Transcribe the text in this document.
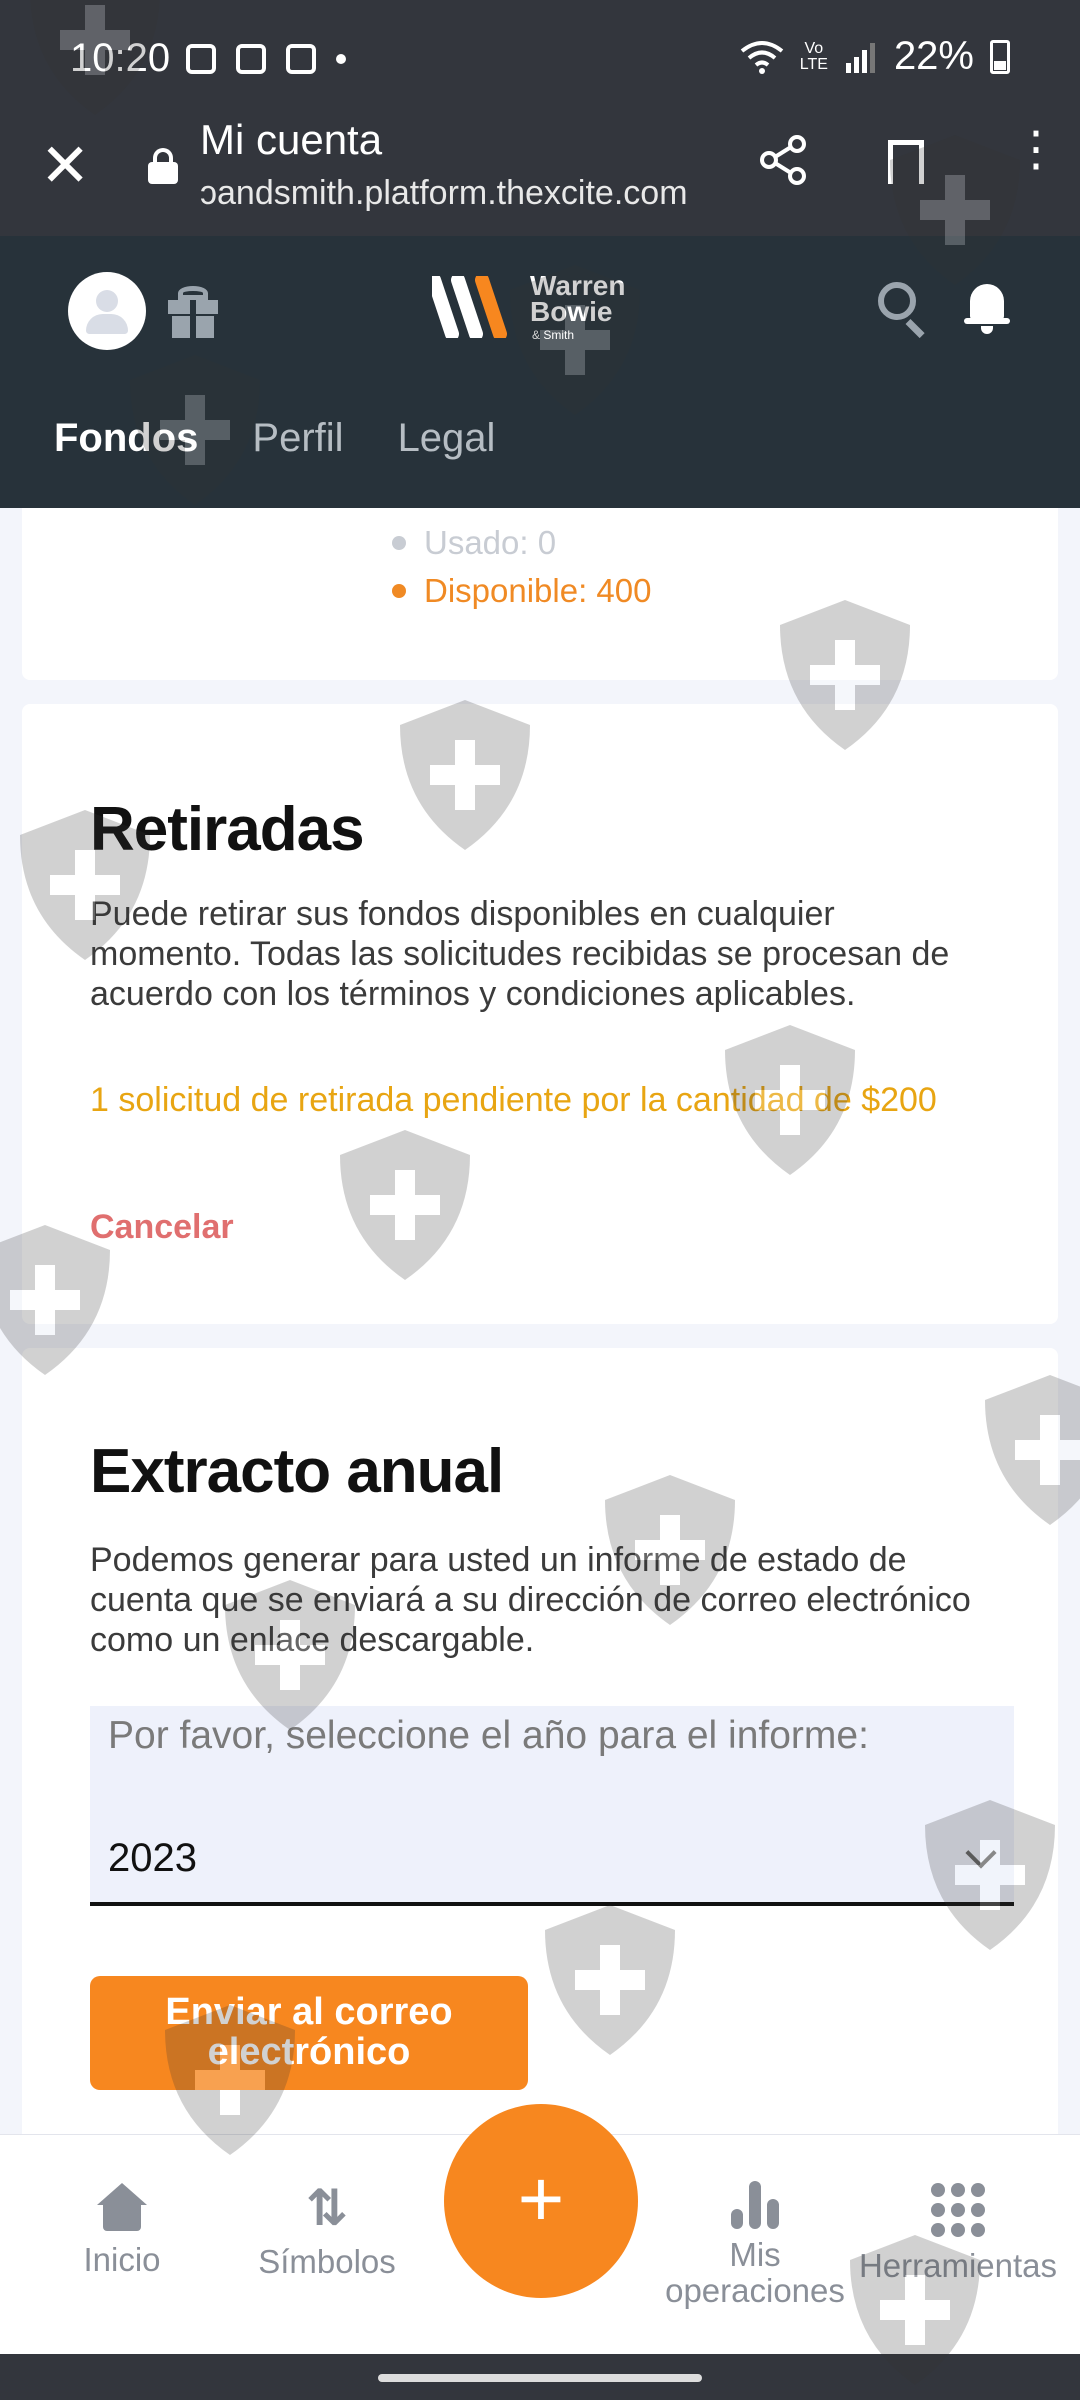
10:20	Vo
LTE 22%
✕	Mi cuenta
ɔandsmith.platform.thexcite.com
⋮
Warren
Bowie
& Smith
Fondos Perfil Legal
Usado: 0
Disponible: 400
Retiradas
Puede retirar sus fondos disponibles en cualquier momento. Todas las solicitudes recibidas se procesan de acuerdo con los términos y condiciones aplicables.
1 solicitud de retirada pendiente por la cantidad de $200
Cancelar
Extracto anual
Podemos generar para usted un informe de estado de cuenta que se enviará a su dirección de correo electrónico como un enlace descargable.
Por favor, seleccione el año para el informe:
2023
Enviar al correo
electrónico
Inicio
⇅
Símbolos	Mis operaciones
Herramientas
+
